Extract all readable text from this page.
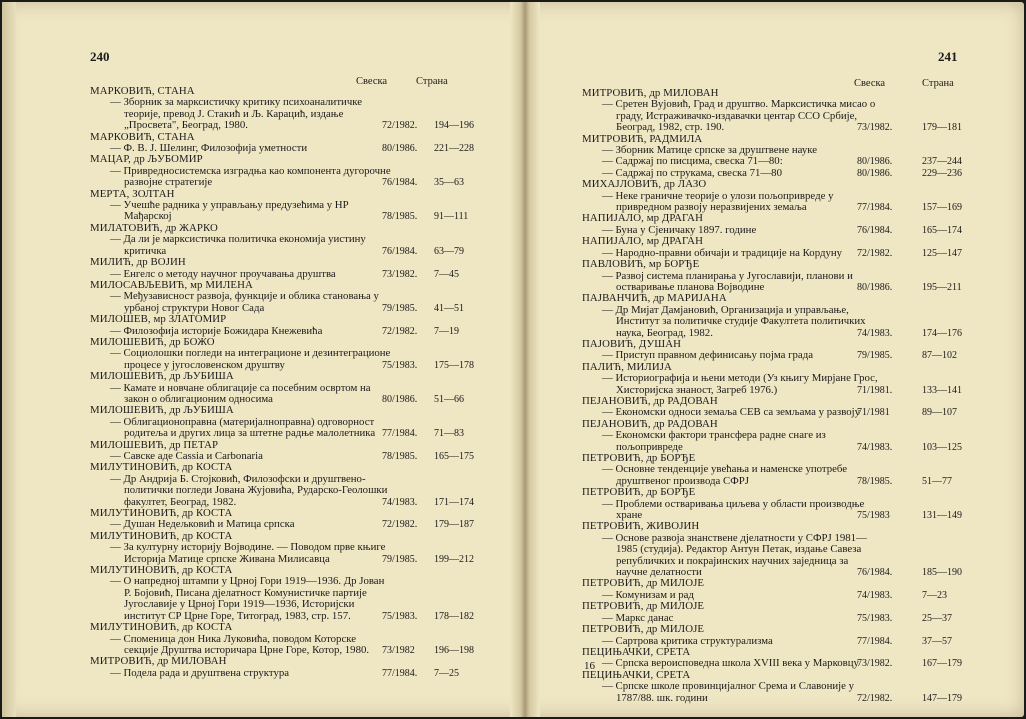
240
Свеска	Страна
МАРКОВИЋ, СТАНА
— Зборник за марксистичку критику психоаналитичке теорије, превод Ј. Стакић и Љ. Карацић, издање „Просвета", Београд, 1980.	72/1982. 194—196
МАРКОВИЋ, СТАНА
— Ф. В. Ј. Шелинг, Филозофија уметности	80/1986. 221—228
МАЦАР, др ЉУБОМИР
— Привредносистемска изградња као компонента дугорочне развојне стратегије	76/1984. 35—63
МЕРТА, ЗОЛТАН
— Учешће радника у управљању предузећима у НР Мађарској	78/1985. 91—111
МИЛАТОВИЋ, др ЖАРКО
— Да ли је марксистичка политичка економија уистину критичка	76/1984. 63—79
МИЛИЋ, др ВОЈИН
— Енгелс о методу научног проучавања друштва	73/1982. 7—45
МИЛОСАВЉЕВИЋ, мр МИЛЕНА
— Међузависност развоја, функције и облика становања у урбаној структури Новог Сада	79/1985. 41—51
МИЛОШЕВ, мр ЗЛАТОМИР
— Филозофија историје Божидара Кнежевића	72/1982. 7—19
МИЛОШЕВИЋ, др БОЖО
— Социолошки погледи на интеграционе и дезинтеграционе процесе у југословенском друштву	75/1983. 175—178
МИЛОШЕВИЋ, др ЉУБИША
— Камате и новчане облигације са посебним освртом на закон о облигационим односима	80/1986. 51—66
МИЛОШЕВИЋ, др ЉУБИША
— Облигационоправна (материјалноправна) одговорност родитеља и других лица за штетне радње малолетника 77/1984. 71—83
МИЛОШЕВИЋ, др ПЕТАР
— Савске аде Cassia и Carbonaria	78/1985. 165—175
МИЛУТИНОВИЋ, др КОСТА
— Др Андрија Б. Стојковић, Филозофски и друштвено-политички погледи Јована Жујовића, Рударско-Геолошки факултет, Београд, 1982.	74/1983. 171—174
МИЛУТИНОВИЋ, др КОСТА
— Душан Недељковић и Матица српска	72/1982. 179—187
МИЛУТИНОВИЋ, др КОСТА
— За културну историју Војводине. — Поводом прве књиге Историја Матице српске Живана Милисавца	79/1985. 199—212
МИЛУТИНОВИЋ, др КОСТА
— О напредној штампи у Црној Гори 1919—1936. Др Јован Р. Бојовић, Писана дјелатност Комунистичке партије Југославије у Црној Гори 1919—1936, Историјски институт СР Црне Горе, Титоград, 1983, стр. 157.	75/1983. 178—182
МИЛУТИНОВИЋ, др КОСТА
— Споменица дон Ника Луковића, поводом Которске секције Друштва историчара Црне Горе, Котор, 1980.	73/1982 196—198
МИТРОВИЋ, др МИЛОВАН
— Подела рада и друштвена структура	77/1984. 7—25
241
Свеска	Страна
МИТРОВИЋ, др МИЛОВАН
— Сретен Вујовић, Град и друштво. Марксистичка мисао о граду, Истраживачко-издавачки центар ССО Србије, Београд, 1982, стр. 190.	73/1982.	179—181
МИТРОВИЋ, РАДМИЛА
— Зборник Матице српске за друштвене науке
— Садржај по писцима, свеска 71—80:	80/1986.	237—244
— Садржај по струкама, свеска 71—80	80/1986.	229—236
МИХАЈЛОВИЋ, др ЛАЗО
— Неке граничне теорије о улози пољопривреде у привредном развоју неразвијених земаља	77/1984.	157—169
НАПИЈАЛО, мр ДРАГАН
— Буна у Сјеничаку 1897. године	76/1984.	165—174
НАПИЈАЛО, мр ДРАГАН
— Народно-правни обичаји и традиције на Кордуну	72/1982.	125—147
ПАВЛОВИЋ, мр БОРЂЕ
— Развој система планирања у Југославији, планови и остваривање планова Војводине	80/1986.	195—211
ПАЈВАНЧИЋ, др МАРИЈАНА
— Др Мијат Дамјановић, Организација и управљање, Институт за политичке студије Факултета политичких наука, Београд, 1982.	74/1983.	174—176
ПАЈОВИЋ, ДУШАН
— Приступ правном дефинисању појма града	79/1985.	87—102
ПАЛИЋ, МИЛИЈА
— Историографија и њени методи (Уз књигу Мирјане Грос, Хисторијска знаност, Загреб 1976.)	71/1981.	133—141
ПЕЈАНОВИЋ, др РАДОВАН
— Економски односи земаља СЕВ са земљама у развоју
71/1981	89—107
ПЕЈАНОВИЋ, др РАДОВАН
— Економски фактори трансфера радне снаге из пољопривреде	74/1983.	103—125
ПЕТРОВИЋ, др БОРЂЕ
— Основне тенденције увећања и наменске употребе друштвеног производа СФРЈ	78/1985.	51—77
ПЕТРОВИЋ, др БОРЂЕ
— Проблеми остваривања циљева у области производње хране	75/1983	131—149
ПЕТРОВИЋ, ЖИВОЈИН
— Основе развоја знанствене дјелатности у СФРЈ 1981—1985 (студија). Редактор Антун Петак, издање Савеза републичких и покрајинских научних заједница за научне делатности	76/1984.	185—190
ПЕТРОВИЋ, др МИЛОЈЕ
— Комунизам и рад	74/1983.	7—23
ПЕТРОВИЋ, др МИЛОЈЕ
— Маркс данас	75/1983.	25—37
ПЕТРОВИЋ, др МИЛОЈЕ
— Сартрова критика структурализма	77/1984.	37—57
ПЕЦИЊАЧКИ, СРЕТА
— Српска вероисповедна школа XVIII века у Марковцу
73/1982.	167—179
ПЕЦИЊАЧКИ, СРЕТА
— Српске школе провинцијалног Срема и Славоније у 1787/88. шк. години	72/1982.	147—179
16
